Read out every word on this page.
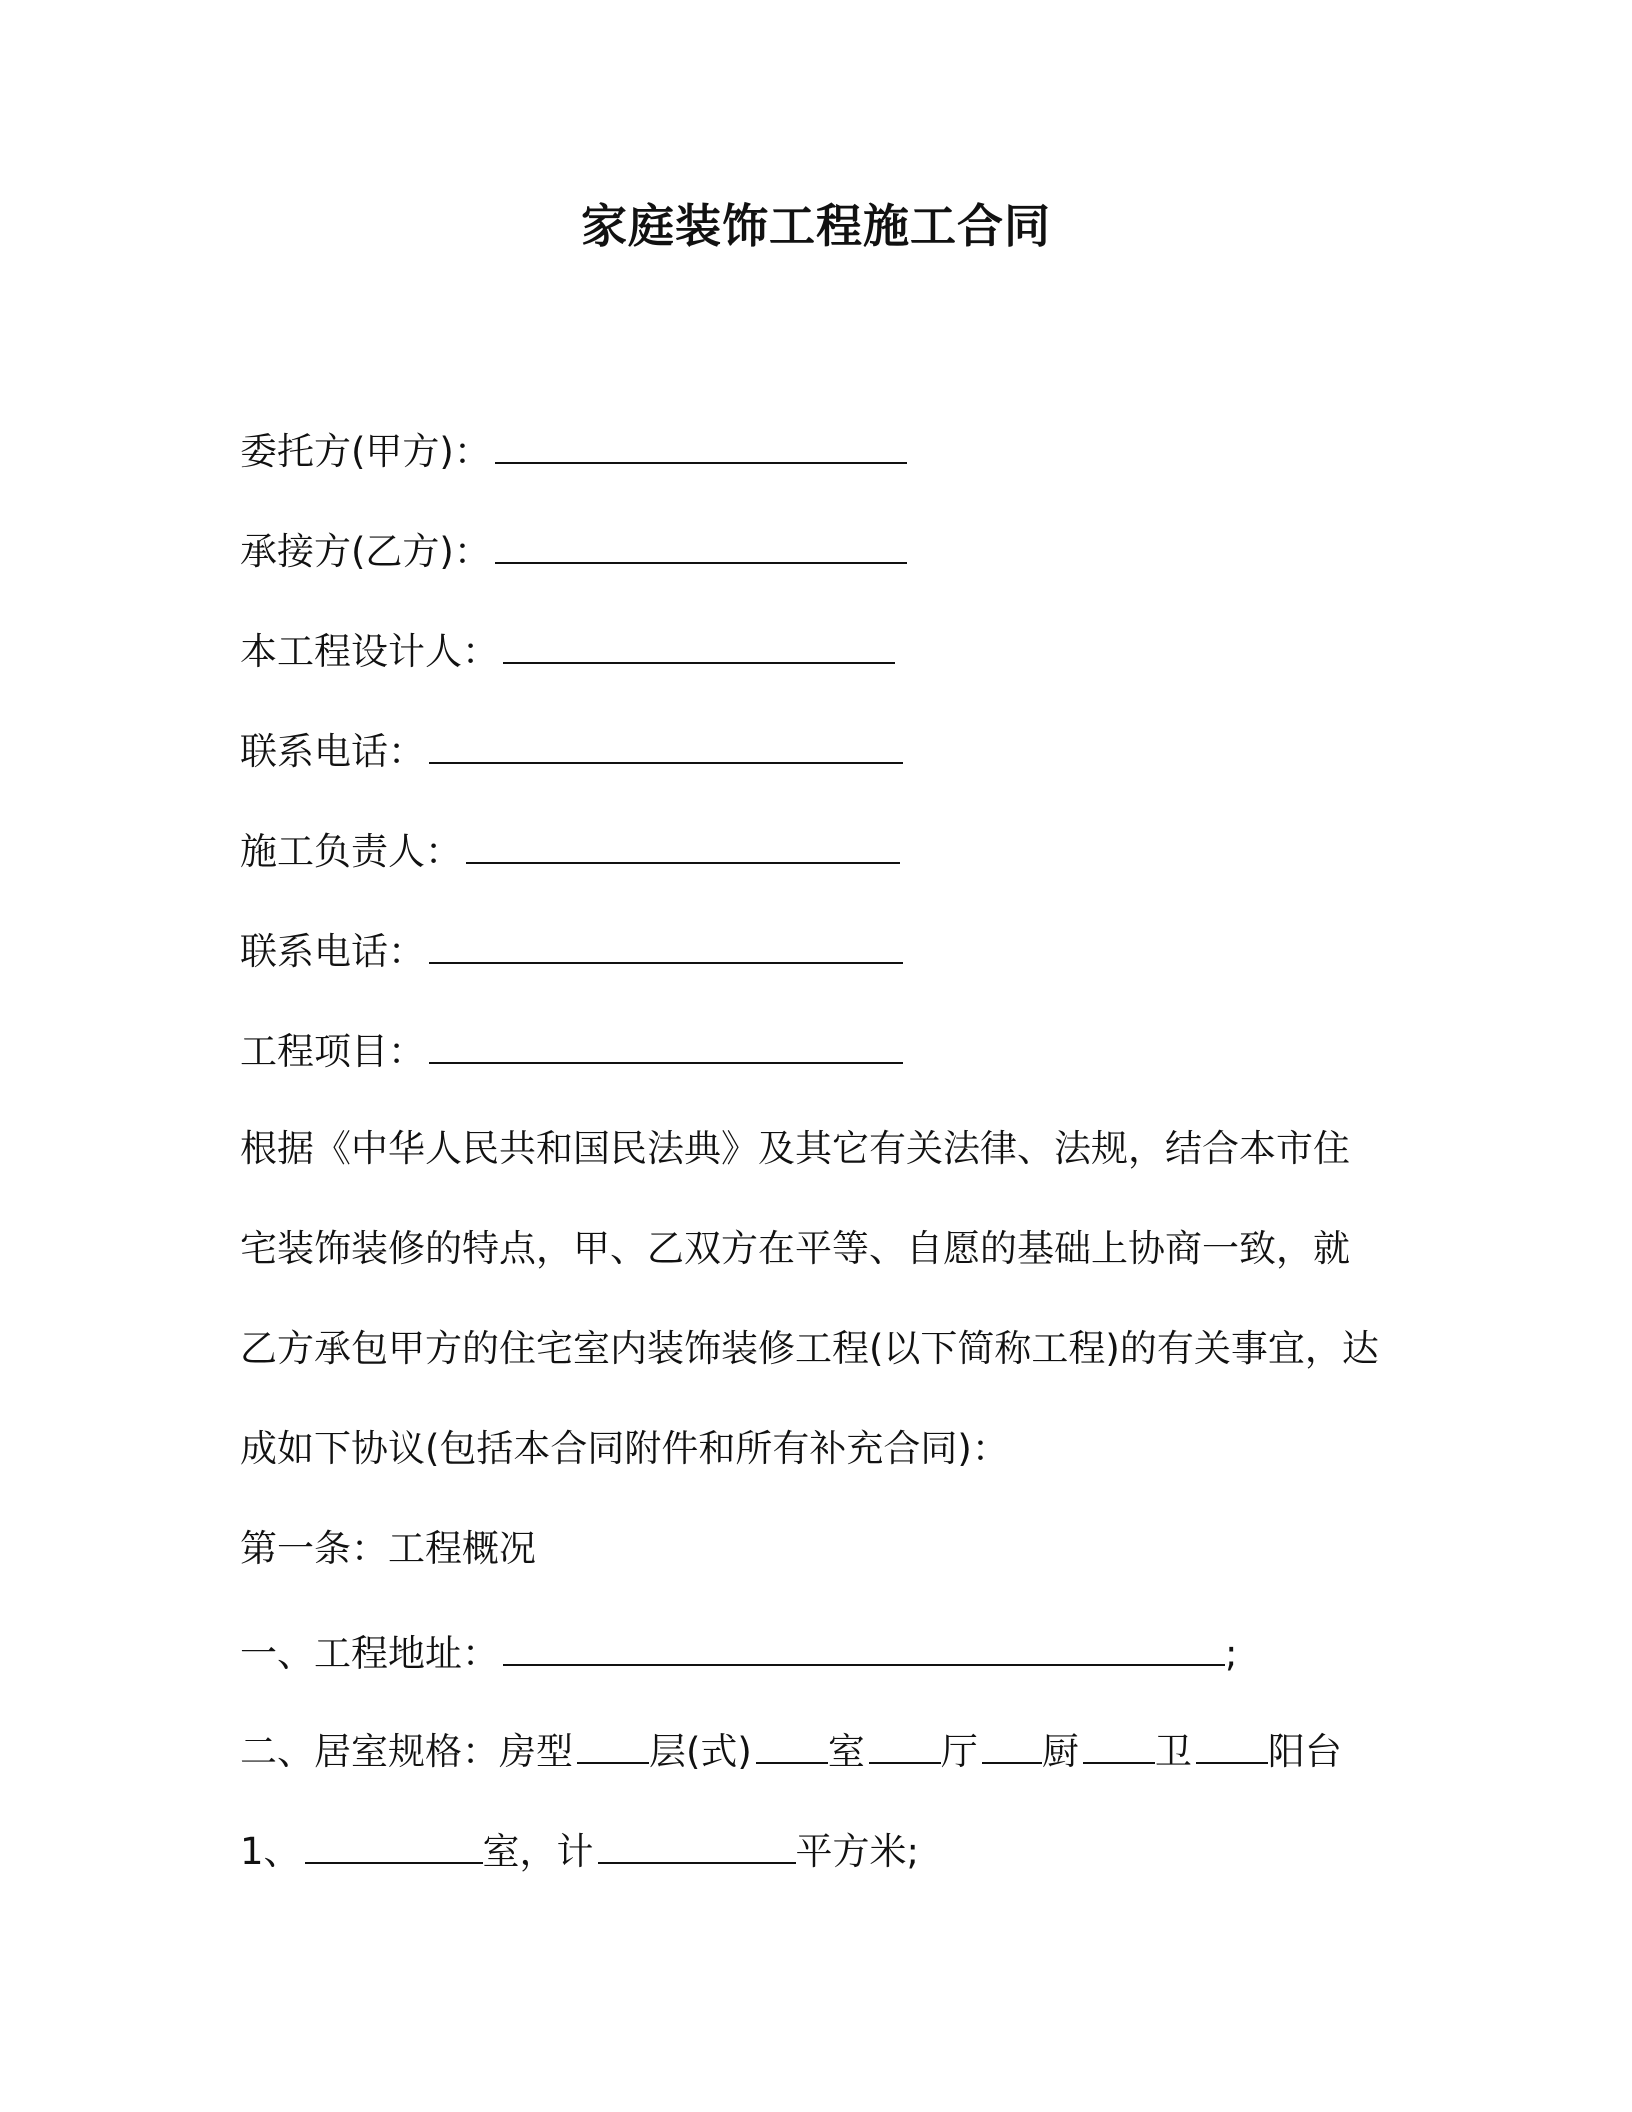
家庭装饰工程施工合同
委托方(甲方)：
承接方(乙方)：
本工程设计人：
联系电话：
施工负责人：
联系电话：
工程项目：
根据《中华人民共和国民法典》及其它有关法律、法规，结合本市住
宅装饰装修的特点，甲、乙双方在平等、自愿的基础上协商一致，就
乙方承包甲方的住宅室内装饰装修工程(以下简称工程)的有关事宜，达
成如下协议(包括本合同附件和所有补充合同)：
第一条：工程概况
一、工程地址：	;
二、居室规格：房型 层(式) 室 厅 厨 卫 阳台
1、	室，计	平方米;
